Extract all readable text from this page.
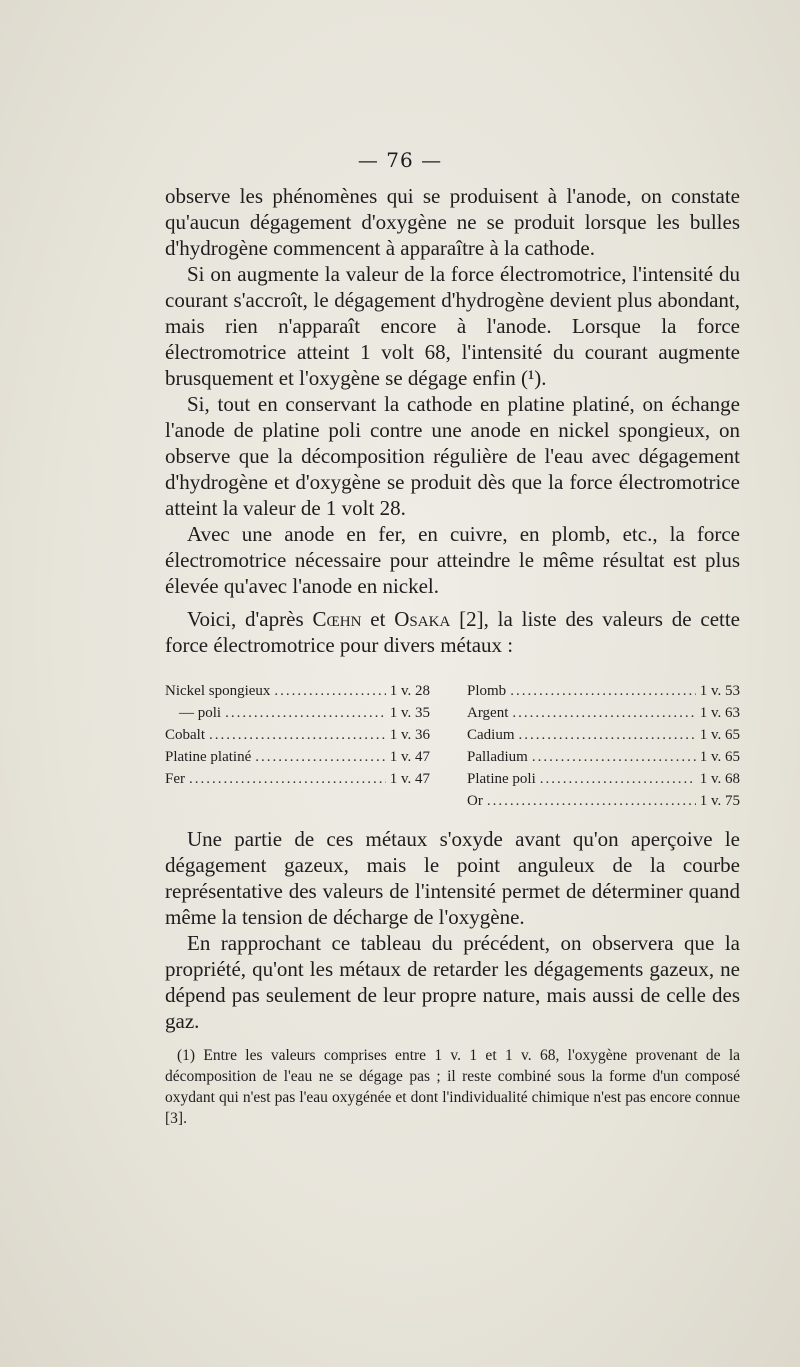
— 76 —

observe les phénomènes qui se produisent à l'anode, on constate qu'aucun dégagement d'oxygène ne se produit lorsque les bulles d'hydrogène commencent à apparaître à la cathode.

Si on augmente la valeur de la force électromotrice, l'intensité du courant s'accroît, le dégagement d'hydrogène devient plus abondant, mais rien n'apparaît encore à l'anode. Lorsque la force électromotrice atteint 1 volt 68, l'intensité du courant augmente brusquement et l'oxygène se dégage enfin (¹).

Si, tout en conservant la cathode en platine platiné, on échange l'anode de platine poli contre une anode en nickel spongieux, on observe que la décomposition régulière de l'eau avec dégagement d'hydrogène et d'oxygène se produit dès que la force électromotrice atteint la valeur de 1 volt 28.

Avec une anode en fer, en cuivre, en plomb, etc., la force électromotrice nécessaire pour atteindre le même résultat est plus élevée qu'avec l'anode en nickel.

Voici, d'après Cœhn et Osaka [2], la liste des valeurs de cette force électromotrice pour divers métaux :

Nickel spongieux .....	1 v. 28
— poli .....	1 v. 35
Cobalt .....	1 v. 36
Platine platiné .....	1 v. 47
Fer .....	1 v. 47
Plomb .....	1 v. 53
Argent .....	1 v. 63
Cadium .....	1 v. 65
Palladium .....	1 v. 65
Platine poli .....	1 v. 68
Or .....	1 v. 75

Une partie de ces métaux s'oxyde avant qu'on aperçoive le dégagement gazeux, mais le point anguleux de la courbe représentative des valeurs de l'intensité permet de déterminer quand même la tension de décharge de l'oxygène.

En rapprochant ce tableau du précédent, on observera que la propriété, qu'ont les métaux de retarder les dégagements gazeux, ne dépend pas seulement de leur propre nature, mais aussi de celle des gaz.

(1) Entre les valeurs comprises entre 1 v. 1 et 1 v. 68, l'oxygène provenant de la décomposition de l'eau ne se dégage pas ; il reste combiné sous la forme d'un composé oxydant qui n'est pas l'eau oxygénée et dont l'individualité chimique n'est pas encore connue [3].
